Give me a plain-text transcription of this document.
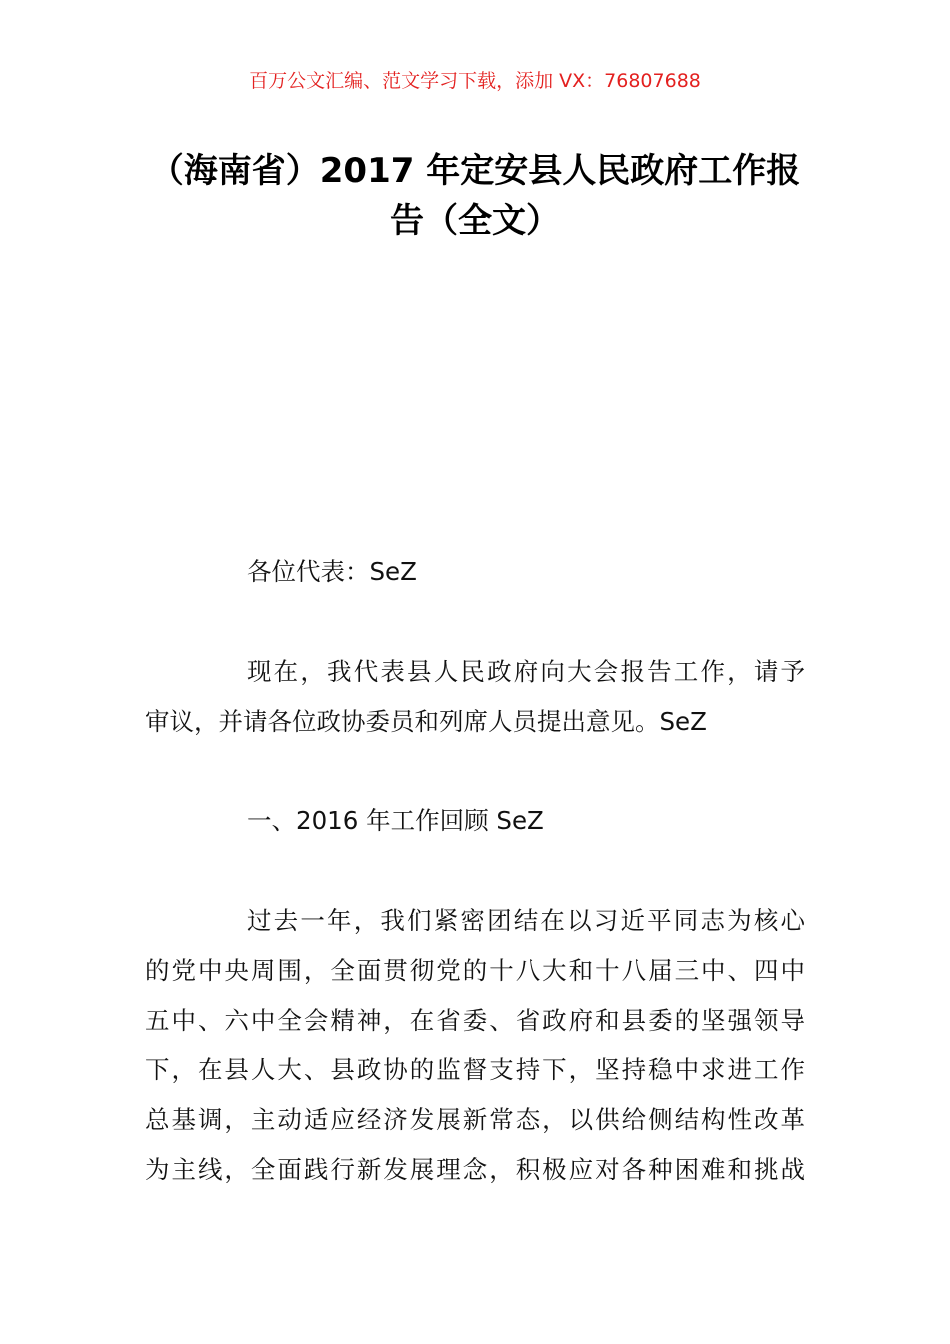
百万公文汇编、范文学习下载，添加 VX：76807688
（海南省）2017 年定安县人民政府工作报
告（全文）
各位代表：SeZ
现在，我代表县人民政府向大会报告工作，请予
审议，并请各位政协委员和列席人员提出意见。SeZ
一、2016 年工作回顾 SeZ
过去一年，我们紧密团结在以习近平同志为核心
的党中央周围，全面贯彻党的十八大和十八届三中、四中
五中、六中全会精神，在省委、省政府和县委的坚强领导
下，在县人大、县政协的监督支持下，坚持稳中求进工作
总基调，主动适应经济发展新常态，以供给侧结构性改革
为主线，全面践行新发展理念，积极应对各种困难和挑战
